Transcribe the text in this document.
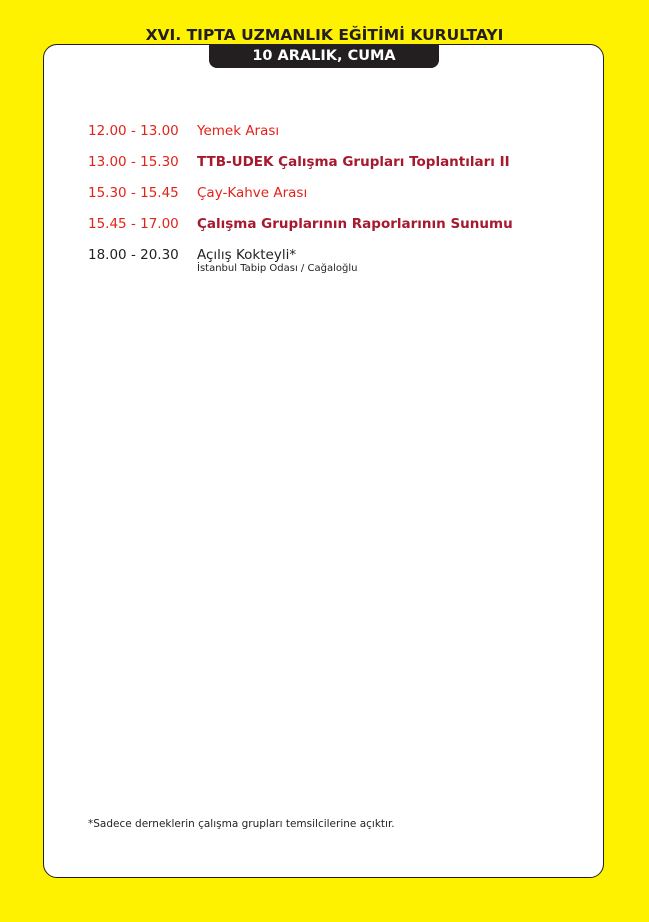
XVI. TIPTA UZMANLIK EĞİTİMİ KURULTAYI
10 ARALIK, CUMA
12.00 - 13.00 Yemek Arası
13.00 - 15.30 TTB-UDEK Çalışma Grupları Toplantıları II
15.30 - 15.45 Çay-Kahve Arası
15.45 - 17.00 Çalışma Gruplarının Raporlarının Sunumu
18.00 - 20.30 Açılış Kokteyli*
İstanbul Tabip Odası / Cağaloğlu
*Sadece derneklerin çalışma grupları temsilcilerine açıktır.
